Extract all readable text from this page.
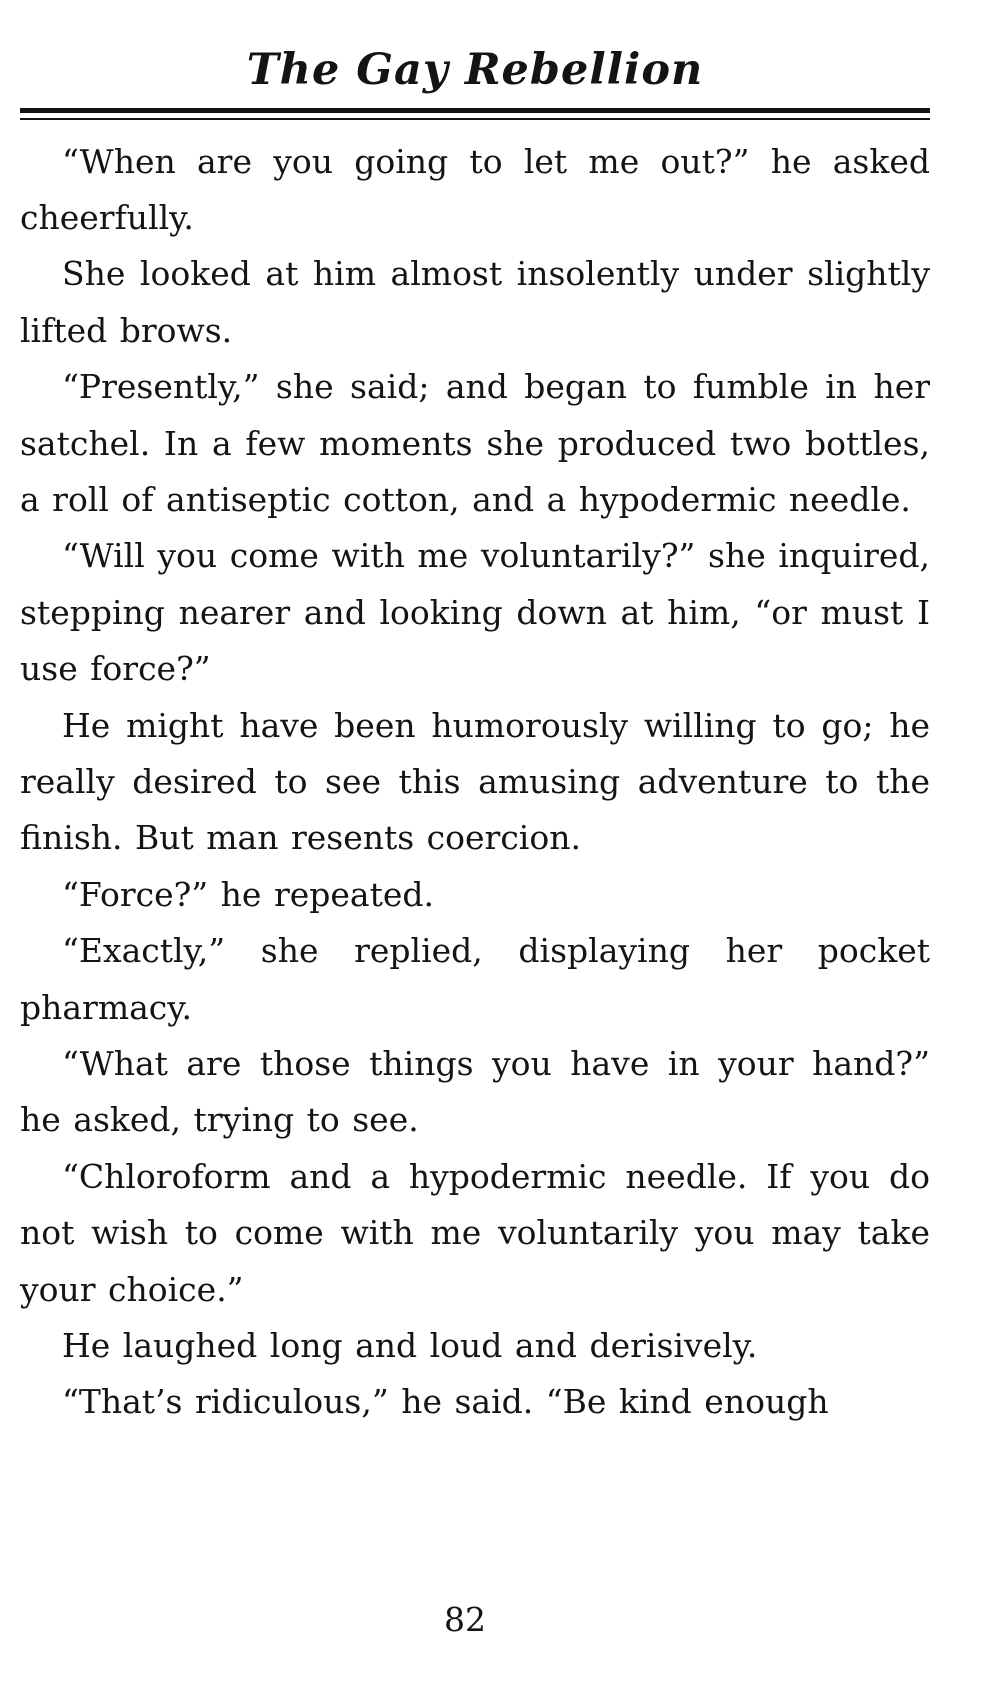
The Gay Rebellion

“When are you going to let me out?” he asked cheerfully.

She looked at him almost insolently under slightly lifted brows.

“Presently,” she said; and began to fumble in her satchel. In a few moments she produced two bottles, a roll of antiseptic cotton, and a hypodermic needle.

“Will you come with me voluntarily?” she inquired, stepping nearer and looking down at him, “or must I use force?”

He might have been humorously willing to go; he really desired to see this amusing adventure to the finish. But man resents coercion.

“Force?” he repeated.

“Exactly,” she replied, displaying her pocket pharmacy.

“What are those things you have in your hand?” he asked, trying to see.

“Chloroform and a hypodermic needle. If you do not wish to come with me voluntarily you may take your choice.”

He laughed long and loud and derisively.

“That’s ridiculous,” he said. “Be kind enough

82
